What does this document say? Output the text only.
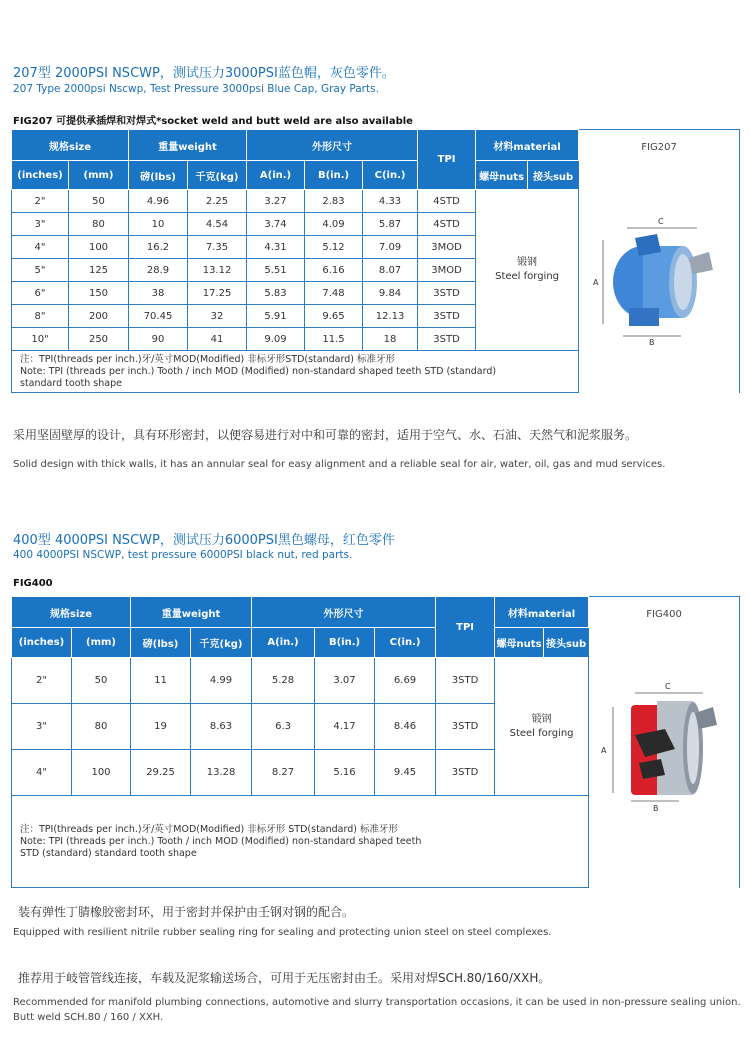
207型 2000PSI NSCWP，测试压力3000PSI蓝色帽，灰色零件。
207 Type 2000psi Nscwp, Test Pressure 3000psi Blue Cap, Gray Parts.
FIG207 可提供承插焊和对焊式*socket weld and butt weld are also available
规格size		重量weight		外形尺寸			TPI	材料material		FIG207
C
A
B

(inches)	(mm)	磅(lbs)	千克(kg)	A(in.)	B(in.)	C(in.)		螺母nuts	接头sub	
2"	50	4.96	2.25	3.27	2.83	4.33	4STD	锻钢
Steel forging		

3"	80	10	4.54	3.74	4.09	5.87	4STD			
4"	100	16.2	7.35	4.31	5.12	7.09	3MOD			
5"	125	28.9	13.12	5.51	6.16	8.07	3MOD			
6"	150	38	17.25	5.83	7.48	9.84	3STD			
8"	200	70.45	32	5.91	9.65	12.13	3STD			
10"	250	90	41	9.09	11.5	18	3STD			

注：TPI(threads per inch.)牙/英寸MOD(Modified) 非标牙形STD(standard) 标准牙形
Note: TPI (threads per inch.) Tooth / inch MOD (Modified) non-standard shaped teeth STD (standard)
standard tooth shape										
采用坚固壁厚的设计，具有环形密封，以便容易进行对中和可靠的密封，适用于空气、水、石油、天然气和泥浆服务。
Solid design with thick walls, it has an annular seal for easy alignment and a reliable seal for air, water, oil, gas and mud services.
400型 4000PSI NSCWP，测试压力6000PSI黑色螺母，红色零件
400 4000PSI NSCWP, test pressure 6000PSI black nut, red parts.
FIG400
规格size		重量weight		外形尺寸			TPI	材料material		FIG400
C
A
B

(inches)	(mm)	磅(lbs)	千克(kg)	A(in.)	B(in.)	C(in.)		螺母nuts	接头sub	
2"	50	11	4.99	5.28	3.07	6.69	3STD	锻钢
Steel forging		

3"	80	19	8.63	6.3	4.17	8.46	3STD			
4"	100	29.25	13.28	8.27	5.16	9.45	3STD			

注：TPI(threads per inch.)牙/英寸MOD(Modified) 非标牙形 STD(standard) 标准牙形
Note: TPI (threads per inch.) Tooth / inch MOD (Modified) non-standard shaped teeth
STD (standard) standard tooth shape										
装有弹性丁腈橡胶密封环，用于密封并保护由壬钢对钢的配合。
Equipped with resilient nitrile rubber sealing ring for sealing and protecting union steel on steel complexes.
推荐用于岐管管线连接，车载及泥浆输送场合，可用于无压密封由壬。采用对焊SCH.80/160/XXH。
Recommended for manifold plumbing connections, automotive and slurry transportation occasions, it can be used in non-pressure sealing union. Butt weld SCH.80 / 160 / XXH.
